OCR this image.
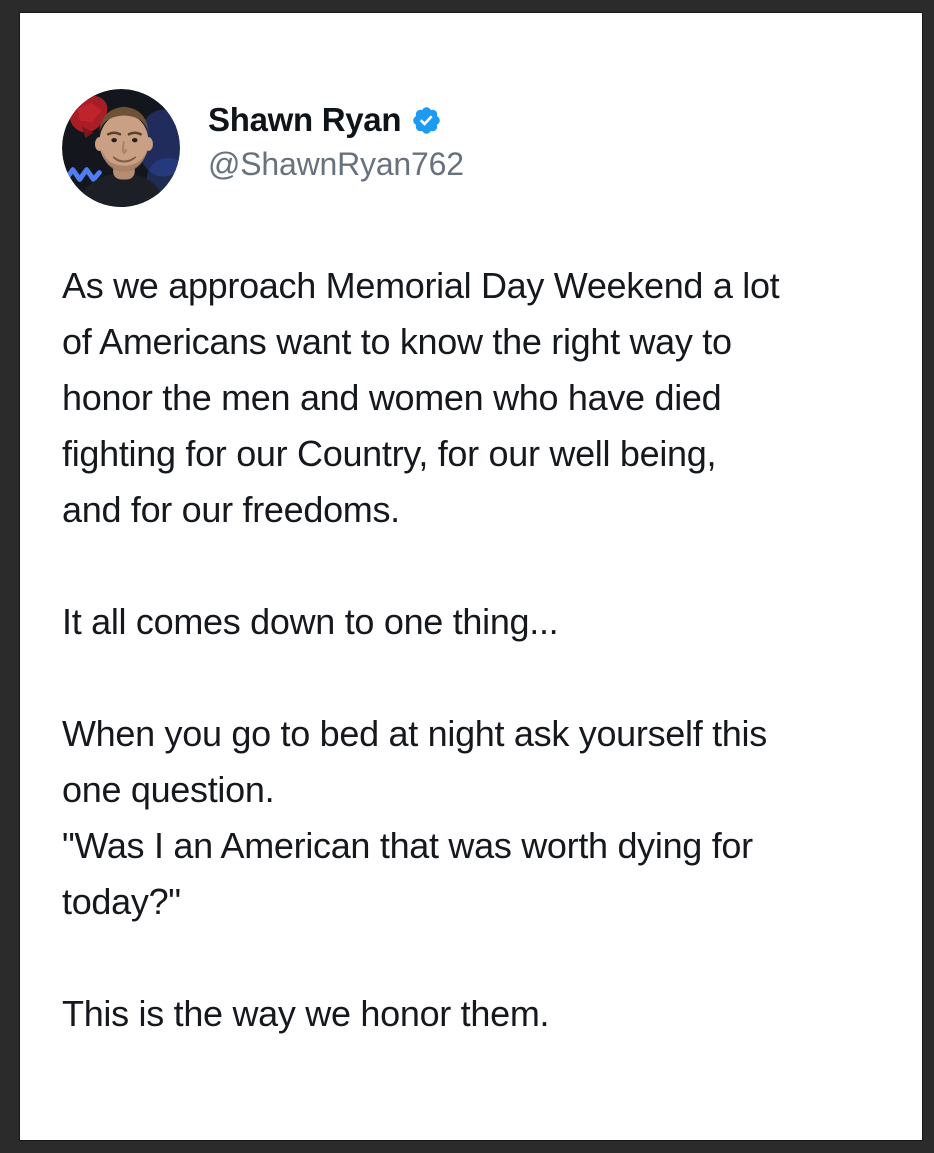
Shawn Ryan
@ShawnRyan762
As we approach Memorial Day Weekend a lot
of Americans want to know the right way to
honor the men and women who have died
fighting for our Country, for our well being,
and for our freedoms.

It all comes down to one thing...

When you go to bed at night ask yourself this
one question.
"Was I an American that was worth dying for
today?"

This is the way we honor them.
